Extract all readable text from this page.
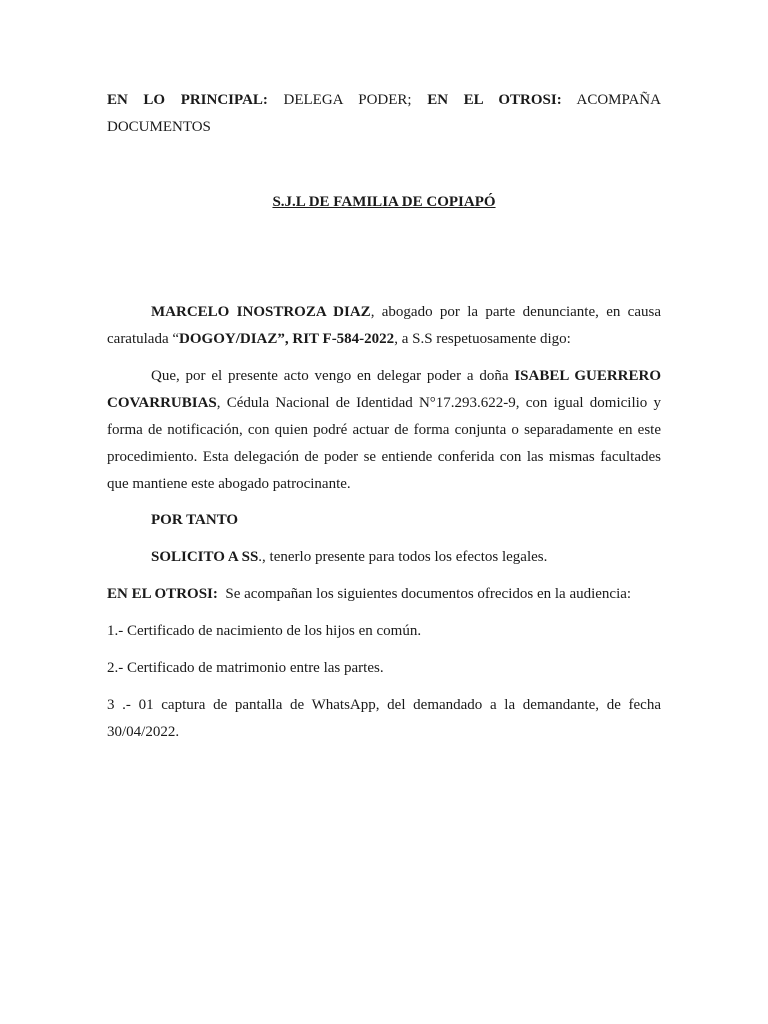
EN LO PRINCIPAL: DELEGA PODER; EN EL OTROSI: ACOMPAÑA

DOCUMENTOS

S.J.L DE FAMILIA DE COPIAPÓ

MARCELO INOSTROZA DIAZ, abogado por la parte denunciante, en causa caratulada “DOGOY/DIAZ”, RIT F-584-2022, a S.S respetuosamente digo:

Que, por el presente acto vengo en delegar poder a doña ISABEL GUERRERO COVARRUBIAS, Cédula Nacional de Identidad N°17.293.622-9, con igual domicilio y forma de notificación, con quien podré actuar de forma conjunta o separadamente en este procedimiento. Esta delegación de poder se entiende conferida con las mismas facultades que mantiene este abogado patrocinante.

POR TANTO

SOLICITO A SS., tenerlo presente para todos los efectos legales.

EN EL OTROSI: Se acompañan los siguientes documentos ofrecidos en la audiencia:

1.- Certificado de nacimiento de los hijos en común.

2.- Certificado de matrimonio entre las partes.

3 .- 01 captura de pantalla de WhatsApp, del demandado a la demandante, de fecha 30/04/2022.
